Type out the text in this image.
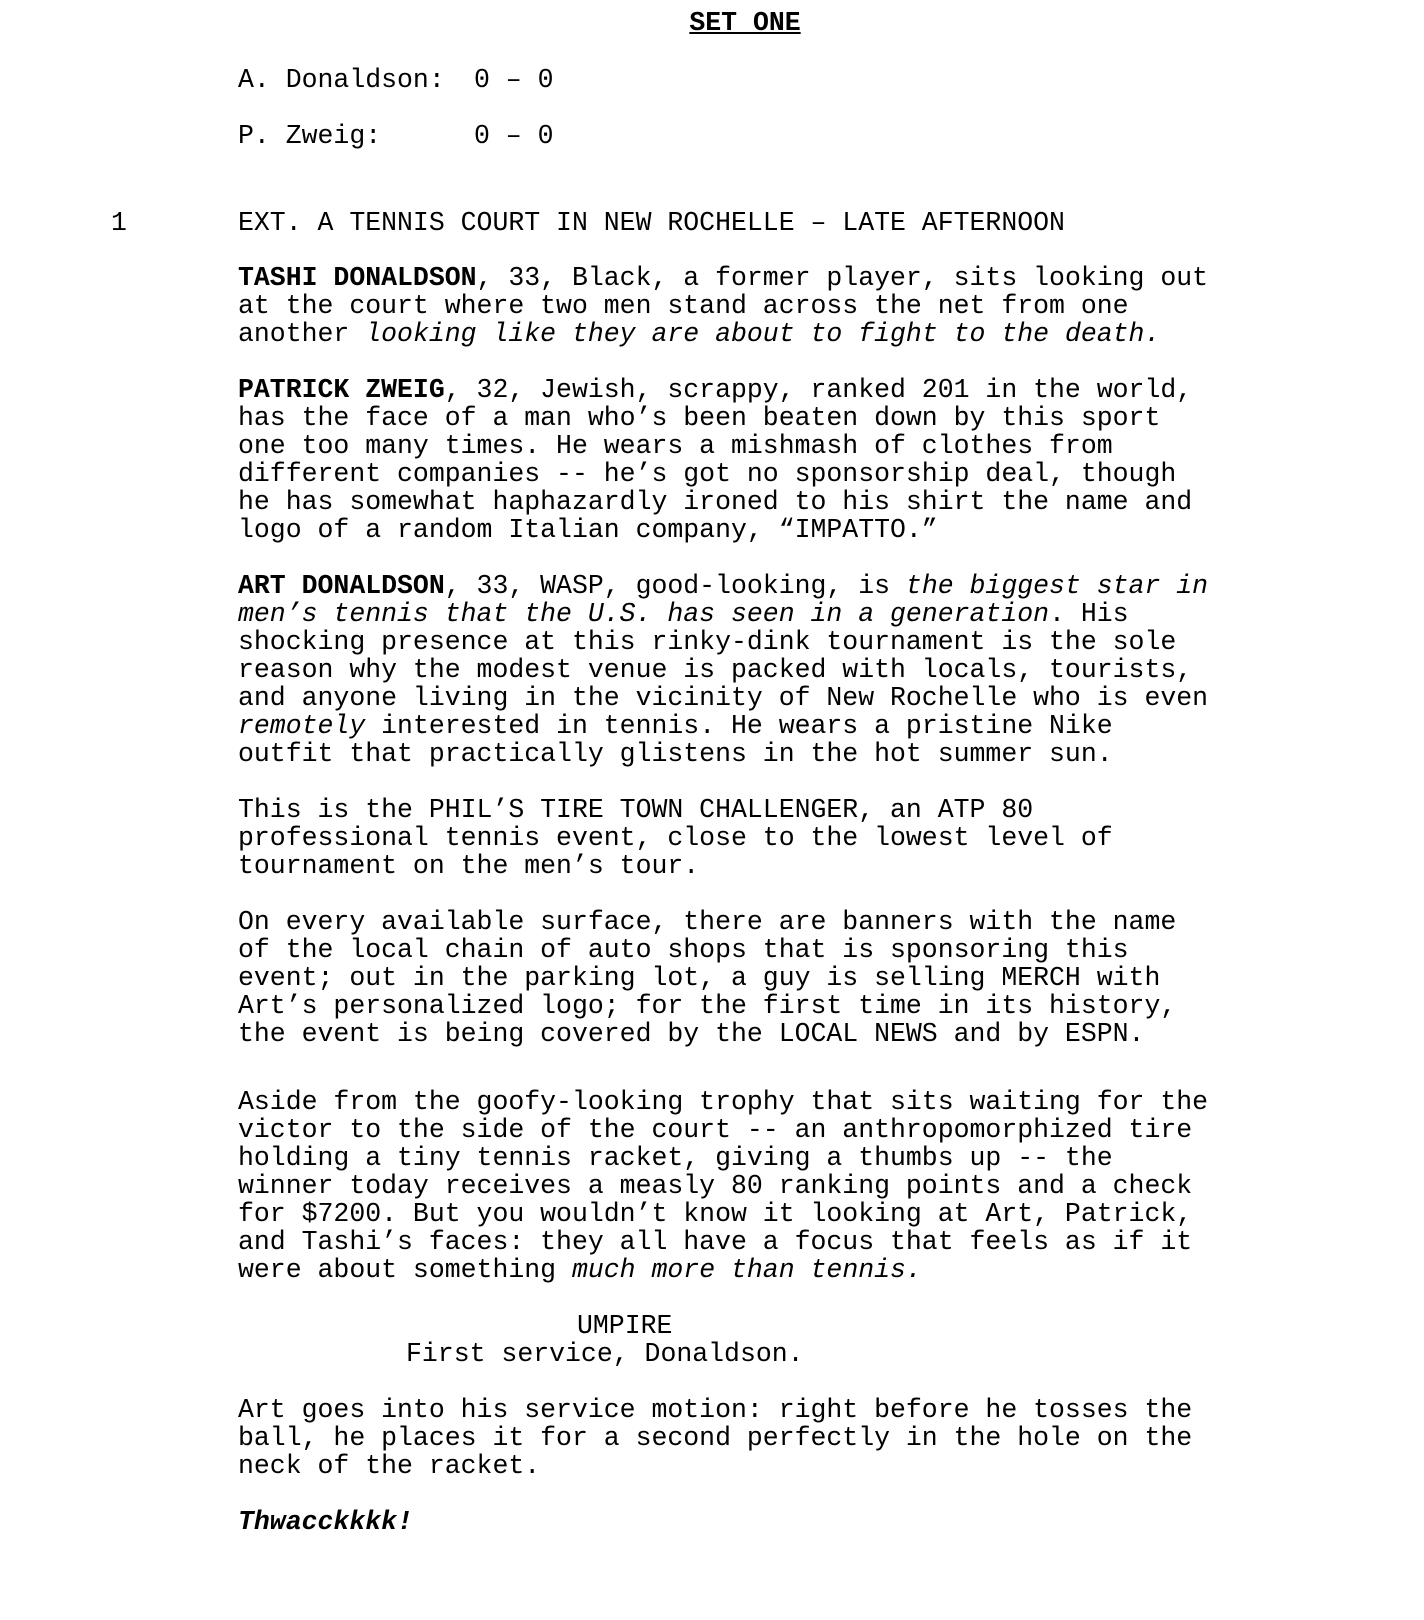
SET ONE
A. Donaldson: 0 – 0
P. Zweig:	0 – 0
1	EXT. A TENNIS COURT IN NEW ROCHELLE – LATE AFTERNOON
TASHI DONALDSON, 33, Black, a former player, sits looking out
at the court where two men stand across the net from one
another looking like they are about to fight to the death.
PATRICK ZWEIG, 32, Jewish, scrappy, ranked 201 in the world,
has the face of a man who’s been beaten down by this sport
one too many times. He wears a mishmash of clothes from
different companies -- he’s got no sponsorship deal, though
he has somewhat haphazardly ironed to his shirt the name and
logo of a random Italian company, “IMPATTO.”
ART DONALDSON, 33, WASP, good-looking, is the biggest star in
men’s tennis that the U.S. has seen in a generation. His
shocking presence at this rinky-dink tournament is the sole
reason why the modest venue is packed with locals, tourists,
and anyone living in the vicinity of New Rochelle who is even
remotely interested in tennis. He wears a pristine Nike
outfit that practically glistens in the hot summer sun.
This is the PHIL’S TIRE TOWN CHALLENGER, an ATP 80
professional tennis event, close to the lowest level of
tournament on the men’s tour.
On every available surface, there are banners with the name
of the local chain of auto shops that is sponsoring this
event; out in the parking lot, a guy is selling MERCH with
Art’s personalized logo; for the first time in its history,
the event is being covered by the LOCAL NEWS and by ESPN.
Aside from the goofy-looking trophy that sits waiting for the
victor to the side of the court -- an anthropomorphized tire
holding a tiny tennis racket, giving a thumbs up -- the
winner today receives a measly 80 ranking points and a check
for $7200. But you wouldn’t know it looking at Art, Patrick,
and Tashi’s faces: they all have a focus that feels as if it
were about something much more than tennis.
UMPIRE
First service, Donaldson.
Art goes into his service motion: right before he tosses the
ball, he places it for a second perfectly in the hole on the
neck of the racket.
Thwacckkkk!
